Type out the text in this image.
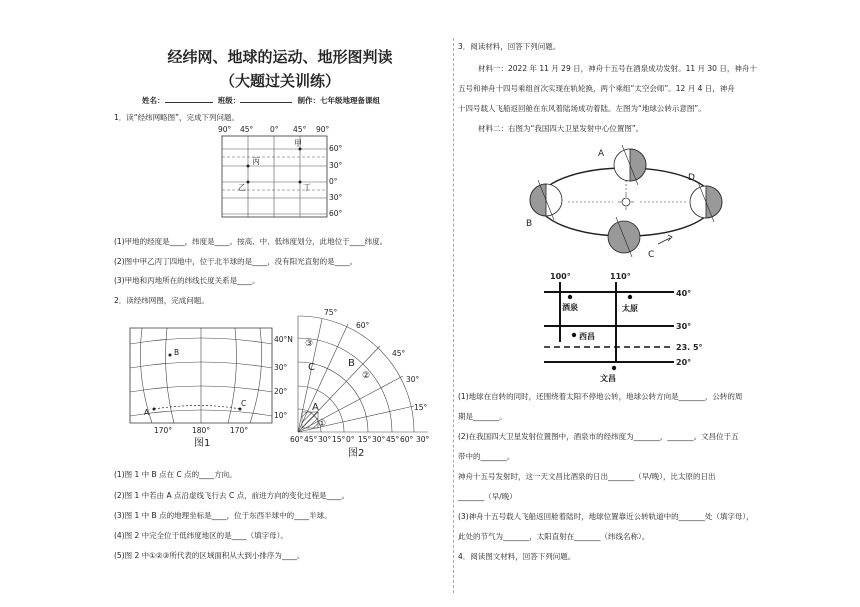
经纬网、地球的运动、地形图判读
（大题过关训练）
姓名：	班级：	制作：七年级地理备课组
1．读“经纬网略图”，完成下列问题。
90° 45° 0° 45° 90°
60°
30°
0°
30°
60°
甲
丙
乙	丁
(1)甲地的经度是____，纬度是____。按高、中、低纬度划分，此地位于____纬度。
(2)图中甲乙丙丁四地中，位于北半球的是____，没有阳光直射的是____。
(3)甲地和丙地所在的纬线长度关系是____。
2．读经纬网图，完成问题。
B
A
C
40°N
30°
20°
10°
170°	180°	170°
图1
75°
60°
45°
30°
15°
C	B
A
③
②
①
60° 45° 30° 15° 0° 15° 30° 45° 60° 30°
图2
(1)图 1 中 B 点在 C 点的____方向。
(2)图 1 中若由 A 点沿虚线飞行去 C 点，前进方向的变化过程是____。
(3)图 1 中 B 点的地理坐标是____，位于东西半球中的____半球。
(4)图 2 中完全位于低纬度地区的是____（填字母）。
(5)图 2 中①②③所代表的区域面积从大到小排序为____。
3．阅读材料，回答下列问题。
材料一：2022 年 11 月 29 日，神舟十五号在酒泉成功发射。11 月 30 日，神舟十
五号和神舟十四号乘组首次实现在轨轮换，两个乘组“太空会师”。12 月 4 日，神舟
十四号载人飞船返回舱在东风着陆场成功着陆。左图为“地球公转示意图”。
材料二：右图为“我国四大卫星发射中心位置图”。
A
B
C
D
100°	110°
40°
30°
23. 5°
20°
酒泉	太原
西昌
文昌
(1)地球在自转的同时，还围绕着太阳不停地公转，地球公转方向是_______，公转的周
期是_______。
(2)在我国四大卫星发射位置图中，酒泉市的经纬度为_______，_______。文昌位于五
带中的_______。
神舟十五号发射时，这一天文昌比酒泉的日出_______（早/晚），比太原的日出
_______（早/晚）
(3)神舟十五号载人飞船返回舱着陆时，地球位置靠近公转轨道中的_______处（填字母），
此处的节气为_______，太阳直射在_______（纬线名称）。
4．阅读图文材料，回答下列问题。
